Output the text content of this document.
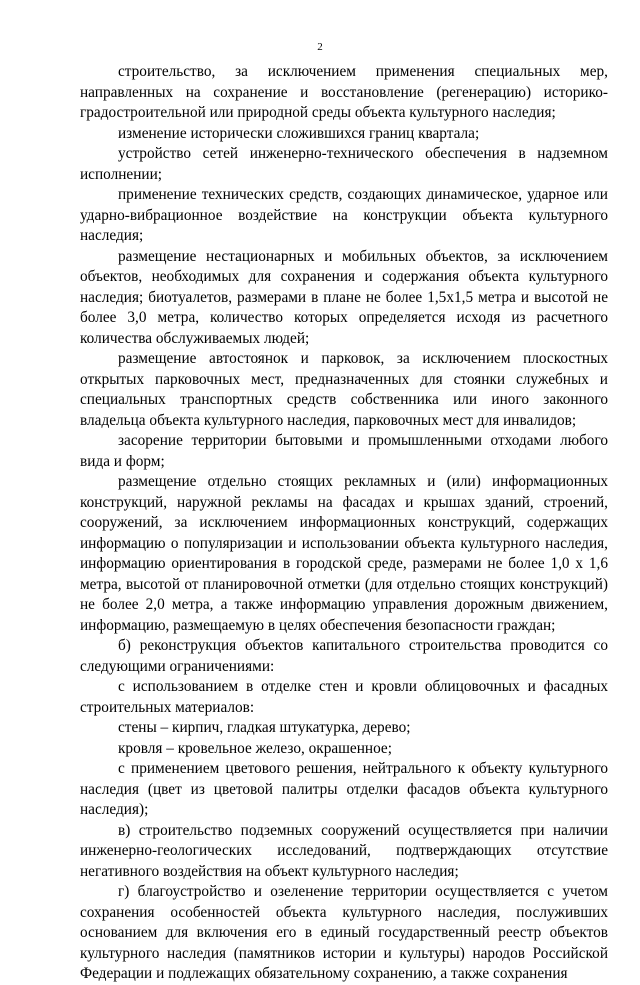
2

строительство, за исключением применения специальных мер, направленных на сохранение и восстановление (регенерацию) историко-градостроительной или природной среды объекта культурного наследия;

изменение исторически сложившихся границ квартала;

устройство сетей инженерно-технического обеспечения в надземном исполнении;

применение технических средств, создающих динамическое, ударное или ударно-вибрационное воздействие на конструкции объекта культурного наследия;

размещение нестационарных и мобильных объектов, за исключением объектов, необходимых для сохранения и содержания объекта культурного наследия; биотуалетов, размерами в плане не более 1,5х1,5 метра и высотой не более 3,0 метра, количество которых определяется исходя из расчетного количества обслуживаемых людей;

размещение автостоянок и парковок, за исключением плоскостных открытых парковочных мест, предназначенных для стоянки служебных и специальных транспортных средств собственника или иного законного владельца объекта культурного наследия, парковочных мест для инвалидов;

засорение территории бытовыми и промышленными отходами любого вида и форм;

размещение отдельно стоящих рекламных и (или) информационных конструкций, наружной рекламы на фасадах и крышах зданий, строений, сооружений, за исключением информационных конструкций, содержащих информацию о популяризации и использовании объекта культурного наследия, информацию ориентирования в городской среде, размерами не более 1,0 х 1,6 метра, высотой от планировочной отметки (для отдельно стоящих конструкций) не более 2,0 метра, а также информацию управления дорожным движением, информацию, размещаемую в целях обеспечения безопасности граждан;

б) реконструкция объектов капитального строительства проводится со следующими ограничениями:

с использованием в отделке стен и кровли облицовочных и фасадных строительных материалов:

стены – кирпич, гладкая штукатурка, дерево;

кровля – кровельное железо, окрашенное;

с применением цветового решения, нейтрального к объекту культурного наследия (цвет из цветовой палитры отделки фасадов объекта культурного наследия);

в) строительство подземных сооружений осуществляется при наличии инженерно-геологических исследований, подтверждающих отсутствие негативного воздействия на объект культурного наследия;

г) благоустройство и озеленение территории осуществляется с учетом сохранения особенностей объекта культурного наследия, послуживших основанием для включения его в единый государственный реестр объектов культурного наследия (памятников истории и культуры) народов Российской Федерации и подлежащих обязательному сохранению, а также сохранения
